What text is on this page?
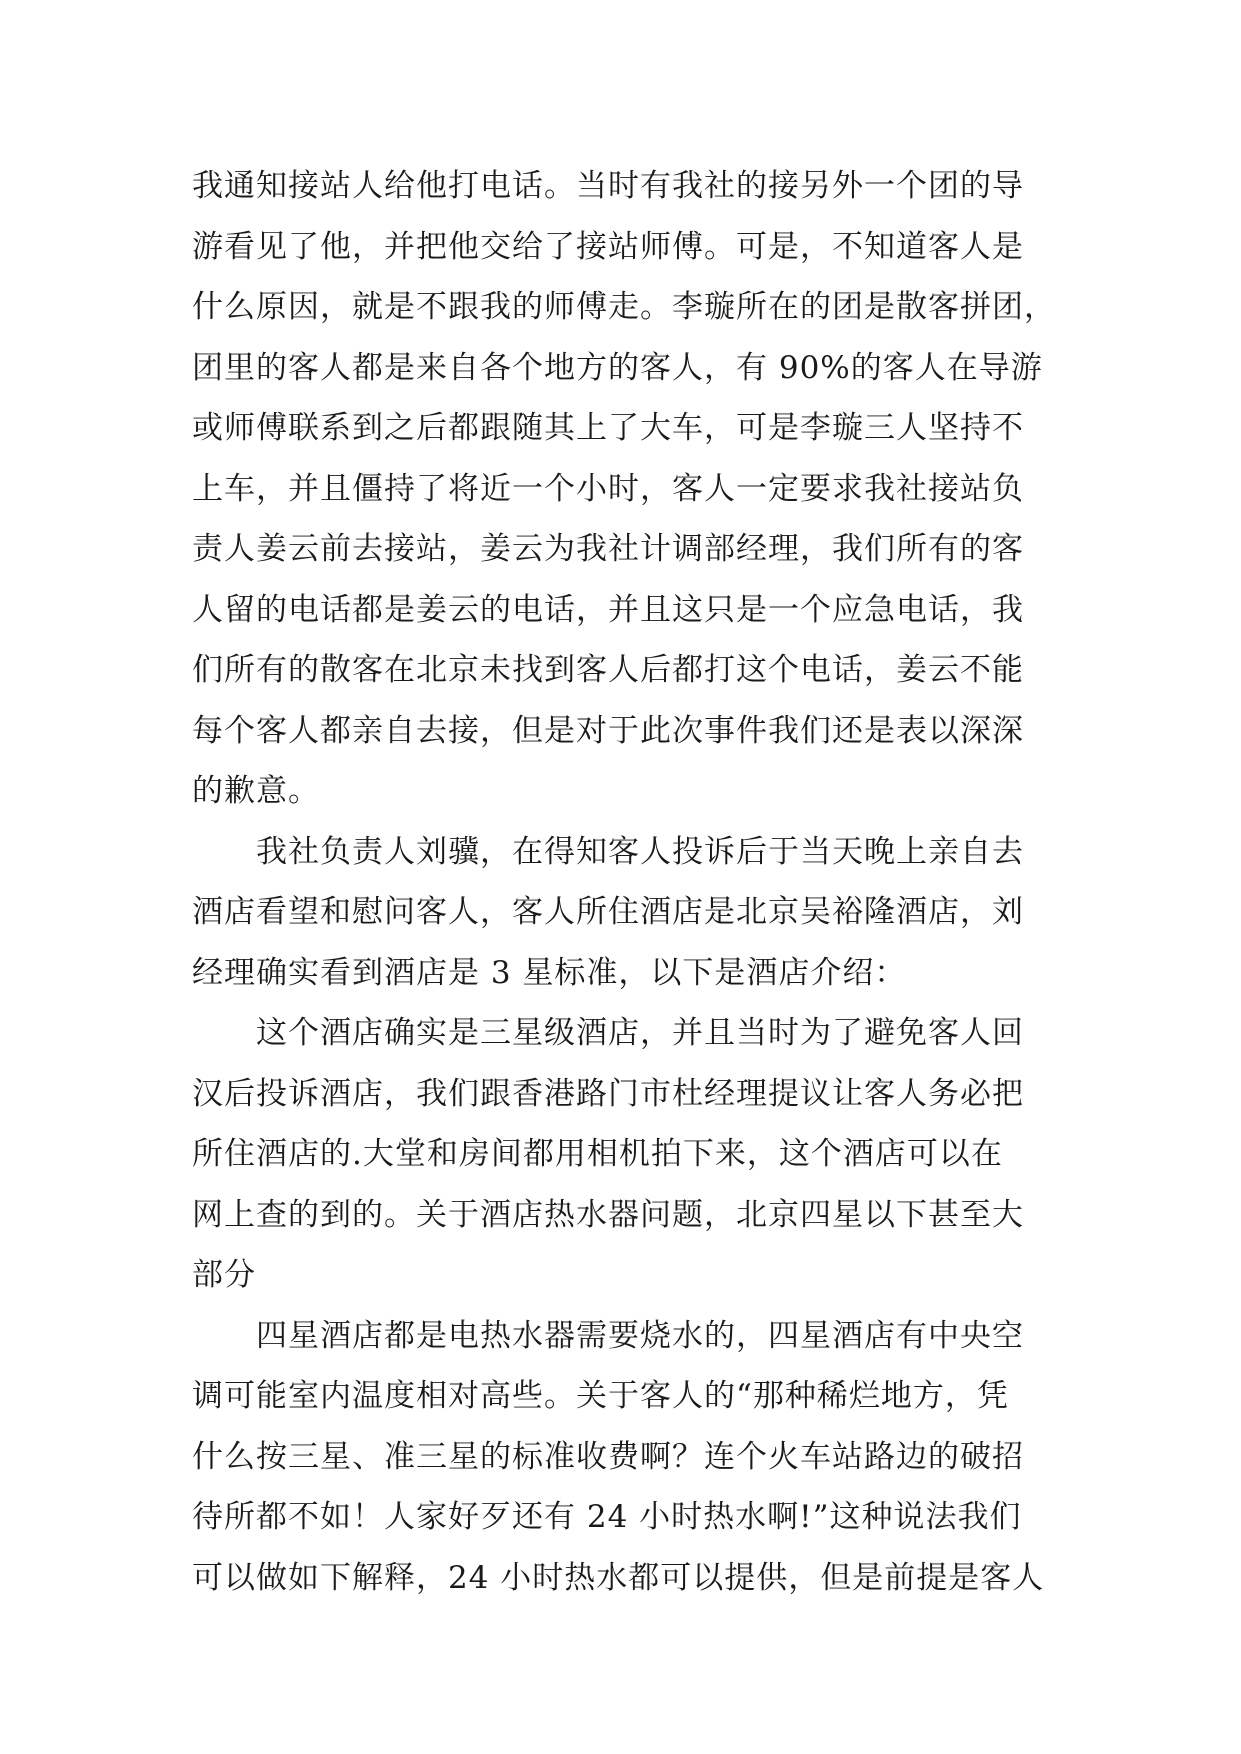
我通知接站人给他打电话。当时有我社的接另外一个团的导
游看见了他，并把他交给了接站师傅。可是，不知道客人是
什么原因，就是不跟我的师傅走。李璇所在的团是散客拼团，
团里的客人都是来自各个地方的客人，有 90%的客人在导游
或师傅联系到之后都跟随其上了大车，可是李璇三人坚持不
上车，并且僵持了将近一个小时，客人一定要求我社接站负
责人姜云前去接站，姜云为我社计调部经理，我们所有的客
人留的电话都是姜云的电话，并且这只是一个应急电话，我
们所有的散客在北京未找到客人后都打这个电话，姜云不能
每个客人都亲自去接，但是对于此次事件我们还是表以深深
的歉意。
我社负责人刘骥，在得知客人投诉后于当天晚上亲自去
酒店看望和慰问客人，客人所住酒店是北京吴裕隆酒店，刘
经理确实看到酒店是 3 星标准，以下是酒店介绍：
这个酒店确实是三星级酒店，并且当时为了避免客人回
汉后投诉酒店，我们跟香港路门市杜经理提议让客人务必把
所住酒店的.大堂和房间都用相机拍下来，这个酒店可以在
网上查的到的。关于酒店热水器问题，北京四星以下甚至大
部分
四星酒店都是电热水器需要烧水的，四星酒店有中央空
调可能室内温度相对高些。关于客人的“那种稀烂地方，凭
什么按三星、准三星的标准收费啊？连个火车站路边的破招
待所都不如！人家好歹还有 24 小时热水啊!”这种说法我们
可以做如下解释，24 小时热水都可以提供，但是前提是客人
